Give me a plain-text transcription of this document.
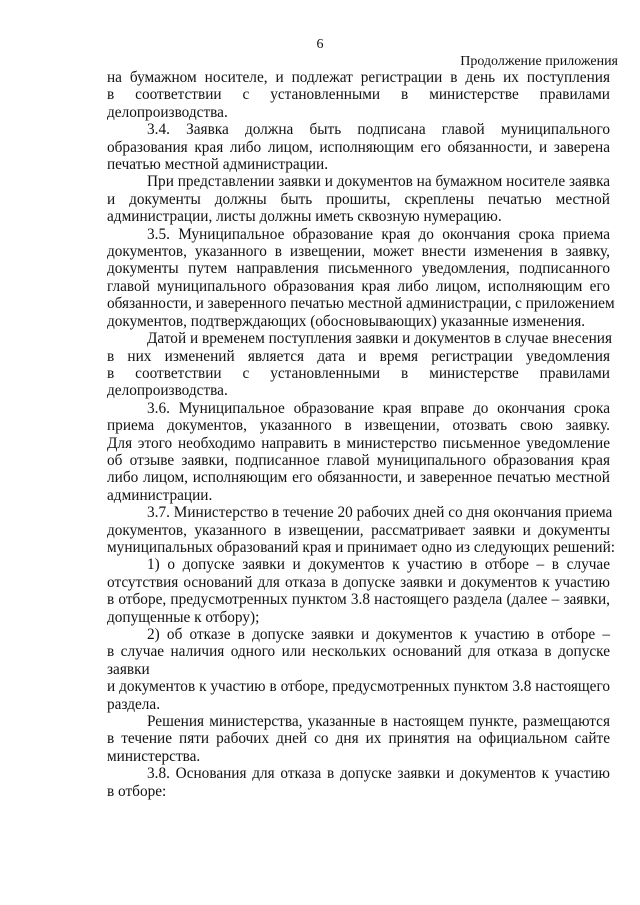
6
Продолжение приложения
на бумажном носителе, и подлежат регистрации в день их поступления
в соответствии с установленными в министерстве правилами
делопроизводства.
3.4. Заявка должна быть подписана главой муниципального
образования края либо лицом, исполняющим его обязанности, и заверена
печатью местной администрации.
При представлении заявки и документов на бумажном носителе заявка
и документы должны быть прошиты, скреплены печатью местной
администрации, листы должны иметь сквозную нумерацию.
3.5. Муниципальное образование края до окончания срока приема
документов, указанного в извещении, может внести изменения в заявку,
документы путем направления письменного уведомления, подписанного
главой муниципального образования края либо лицом, исполняющим его
обязанности, и заверенного печатью местной администрации, с приложением
документов, подтверждающих (обосновывающих) указанные изменения.
Датой и временем поступления заявки и документов в случае внесения
в них изменений является дата и время регистрации уведомления
в соответствии с установленными в министерстве правилами
делопроизводства.
3.6. Муниципальное образование края вправе до окончания срока
приема документов, указанного в извещении, отозвать свою заявку.
Для этого необходимо направить в министерство письменное уведомление
об отзыве заявки, подписанное главой муниципального образования края
либо лицом, исполняющим его обязанности, и заверенное печатью местной
администрации.
3.7. Министерство в течение 20 рабочих дней со дня окончания приема
документов, указанного в извещении, рассматривает заявки и документы
муниципальных образований края и принимает одно из следующих решений:
1) о допуске заявки и документов к участию в отборе – в случае
отсутствия оснований для отказа в допуске заявки и документов к участию
в отборе, предусмотренных пунктом 3.8 настоящего раздела (далее – заявки,
допущенные к отбору);
2) об отказе в допуске заявки и документов к участию в отборе –
в случае наличия одного или нескольких оснований для отказа в допуске
заявки
и документов к участию в отборе, предусмотренных пунктом 3.8 настоящего
раздела.
Решения министерства, указанные в настоящем пункте, размещаются
в течение пяти рабочих дней со дня их принятия на официальном сайте
министерства.
3.8. Основания для отказа в допуске заявки и документов к участию
в отборе:
